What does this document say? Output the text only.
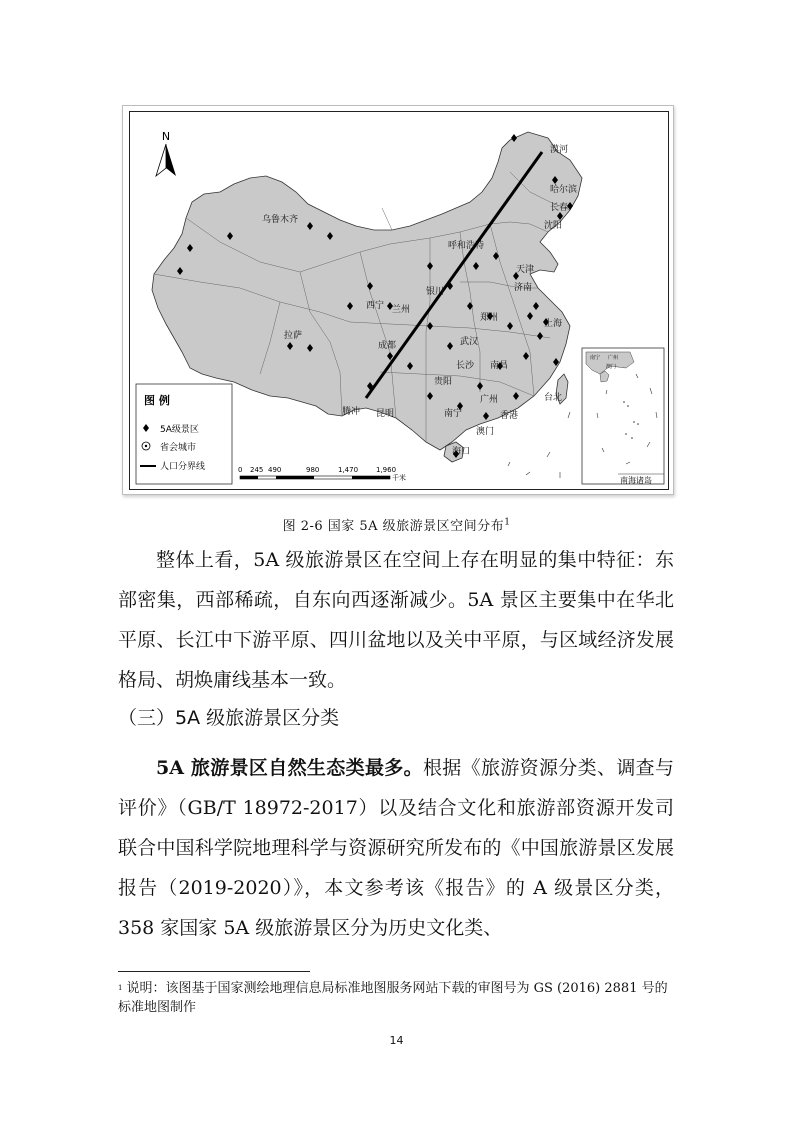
漠河
哈尔滨
长春
沈阳
乌鲁木齐
呼和浩特
天津
西宁 兰州
银川	济南
郑州
上海
拉萨
成都	武汉
长沙 南昌
贵阳
台北
腾冲 昆明	南宁
广州
香港
澳门
海口
N
图 例
5A级景区
省会城市
人口分界线	0 245 490	980	1,470	1,960
千米
南宁 广州
澳门
南海诸岛
图 2-6 国家 5A 级旅游景区空间分布$^1$
整体上看，5A 级旅游景区在空间上存在明显的集中特征：东部密集，西部稀疏，自东向西逐渐减少。5A 景区主要集中在华北平原、长江中下游平原、四川盆地以及关中平原，与区域经济发展格局、胡焕庸线基本一致。
（三）5A 级旅游景区分类
5A 旅游景区自然生态类最多。根据《旅游资源分类、调查与评价》（GB/T 18972-2017）以及结合文化和旅游部资源开发司联合中国科学院地理科学与资源研究所发布的《中国旅游景区发展报告（2019-2020）》，本文参考该《报告》的 A 级景区分类，358 家国家 5A 级旅游景区分为历史文化类、
$^1$ 说明：该图基于国家测绘地理信息局标准地图服务网站下载的审图号为 GS (2016) 2881 号的标准地图制作
14
